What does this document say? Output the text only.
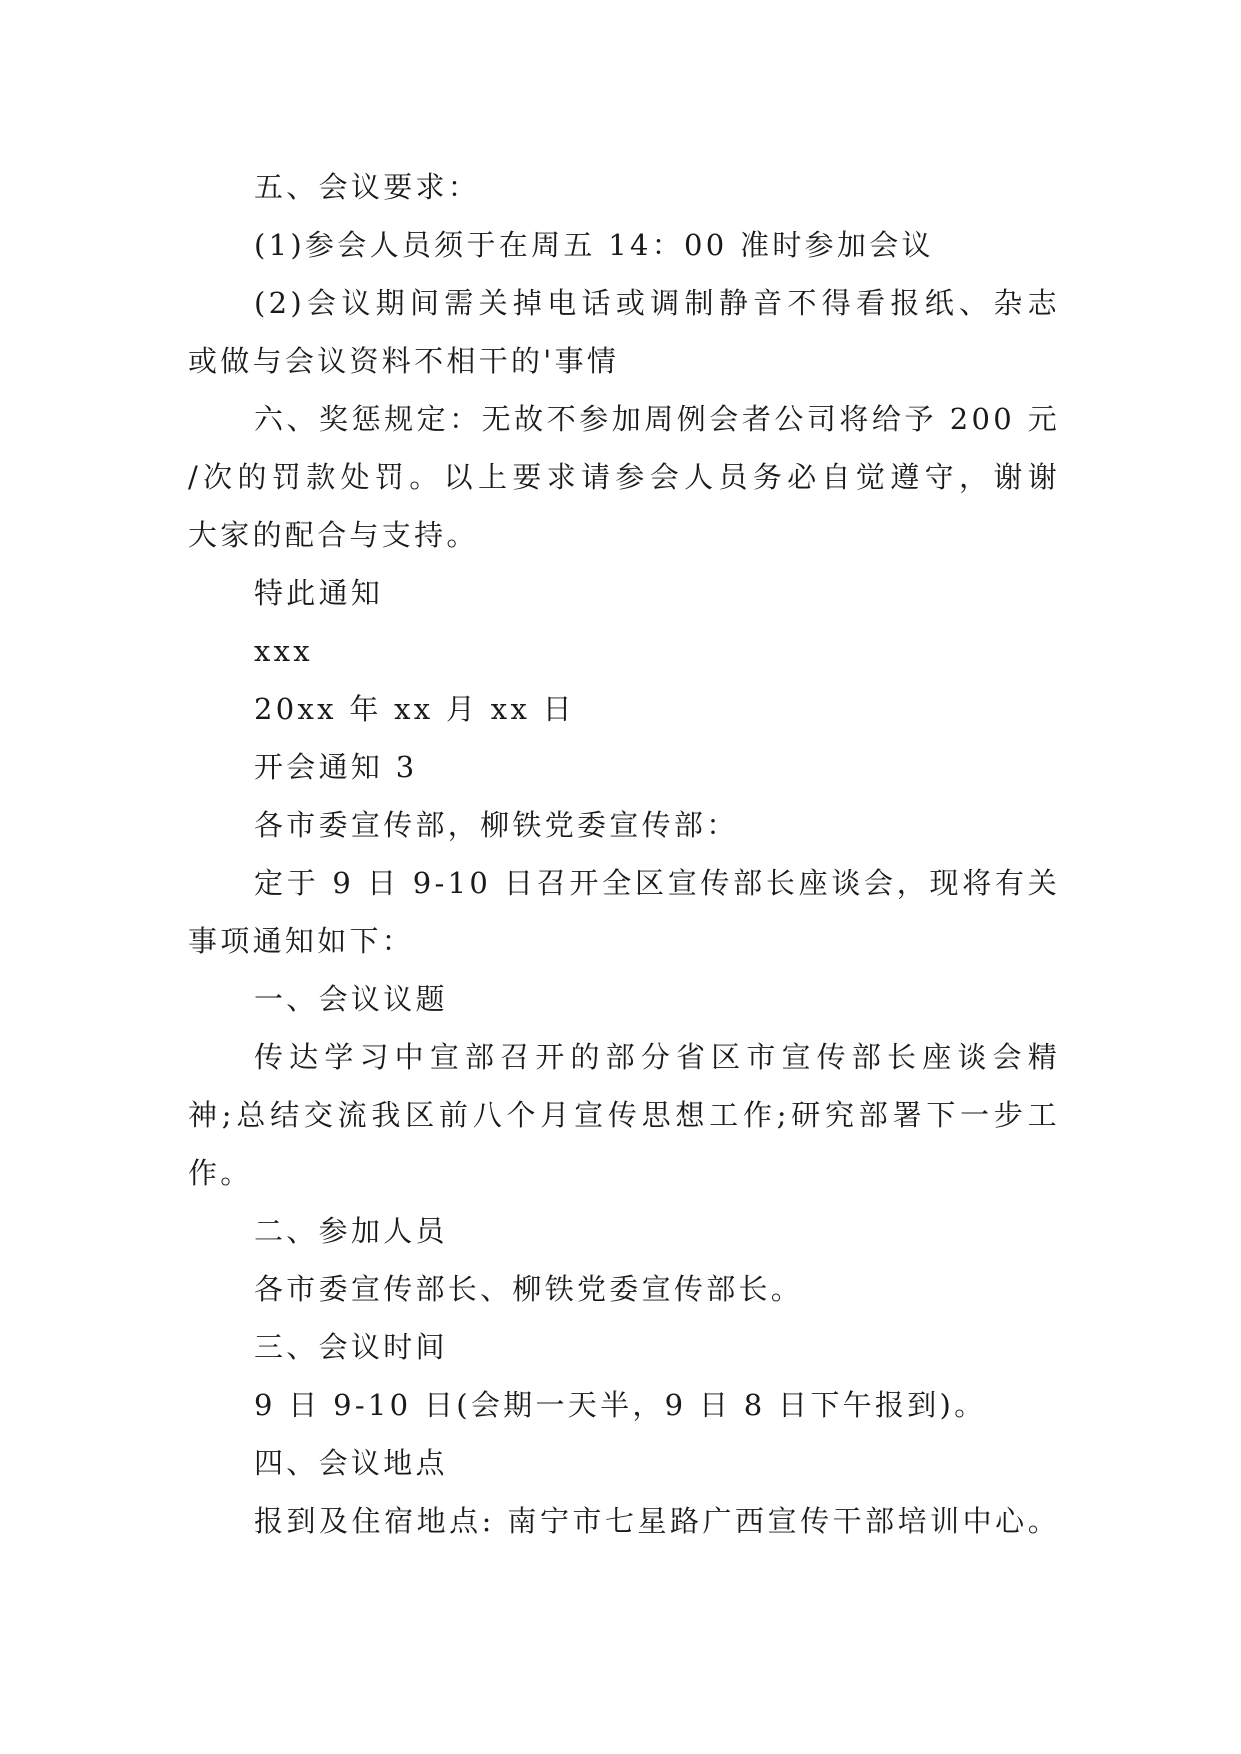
五、会议要求：
(1)参会人员须于在周五 14：00 准时参加会议
(2)会议期间需关掉电话或调制静音不得看报纸、杂志
或做与会议资料不相干的'事情
六、奖惩规定：无故不参加周例会者公司将给予 200 元
/次的罚款处罚。以上要求请参会人员务必自觉遵守，谢谢
大家的配合与支持。
特此通知
xxx
20xx 年 xx 月 xx 日
开会通知 3
各市委宣传部，柳铁党委宣传部：
定于 9 日 9-10 日召开全区宣传部长座谈会，现将有关
事项通知如下：
一、会议议题
传达学习中宣部召开的部分省区市宣传部长座谈会精
神;总结交流我区前八个月宣传思想工作;研究部署下一步工
作。
二、参加人员
各市委宣传部长、柳铁党委宣传部长。
三、会议时间
9 日 9-10 日(会期一天半，9 日 8 日下午报到)。
四、会议地点
报到及住宿地点: 南宁市七星路广西宣传干部培训中心。
